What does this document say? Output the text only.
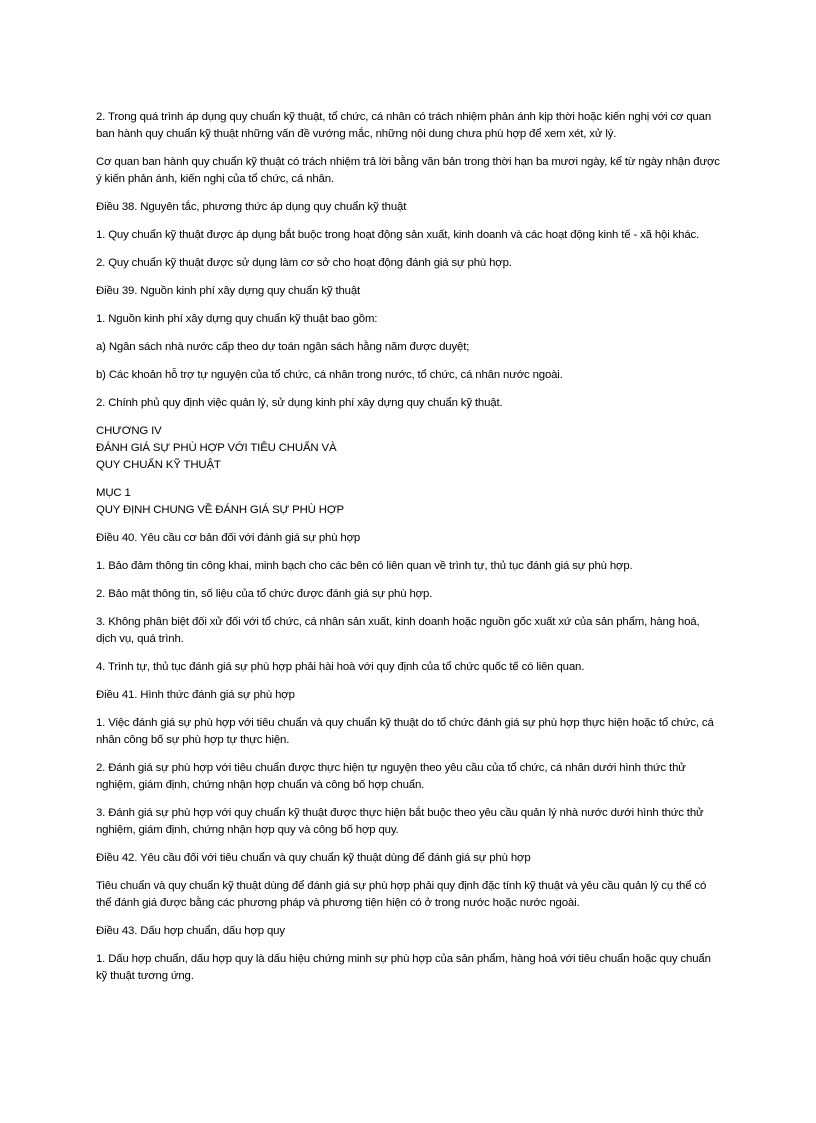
2. Trong quá trình áp dụng quy chuẩn kỹ thuật, tổ chức, cá nhân có trách nhiệm phản ánh kịp thời hoặc kiến nghị với cơ quan ban hành quy chuẩn kỹ thuật những vấn đề vướng mắc, những nội dung chưa phù hợp để xem xét, xử lý.

Cơ quan ban hành quy chuẩn kỹ thuật có trách nhiệm trả lời bằng văn bản trong thời hạn ba mươi ngày, kể từ ngày nhận được ý kiến phản ánh, kiến nghị của tổ chức, cá nhân.

Điều 38. Nguyên tắc, phương thức áp dụng quy chuẩn kỹ thuật

1. Quy chuẩn kỹ thuật được áp dụng bắt buộc trong hoạt động sản xuất, kinh doanh và các hoạt động kinh tế - xã hội khác.

2. Quy chuẩn kỹ thuật được sử dụng làm cơ sở cho hoạt động đánh giá sự phù hợp.

Điều 39. Nguồn kinh phí xây dựng quy chuẩn kỹ thuật

1. Nguồn kinh phí xây dựng quy chuẩn kỹ thuật bao gồm:

a) Ngân sách nhà nước cấp theo dự toán ngân sách hằng năm được duyệt;

b) Các khoản hỗ trợ tự nguyện của tổ chức, cá nhân trong nước, tổ chức, cá nhân nước ngoài.

2. Chính phủ quy định việc quản lý, sử dụng kinh phí xây dựng quy chuẩn kỹ thuật.

CHƯƠNG IV
ĐÁNH GIÁ SỰ PHÙ HỢP VỚI TIÊU CHUẨN VÀ
QUY CHUẨN KỸ THUẬT

MỤC 1
QUY ĐỊNH CHUNG VỀ ĐÁNH GIÁ SỰ PHÙ HỢP

Điều 40. Yêu cầu cơ bản đối với đánh giá sự phù hợp

1. Bảo đảm thông tin công khai, minh bạch cho các bên có liên quan về trình tự, thủ tục đánh giá sự phù hợp.

2. Bảo mật thông tin, số liệu của tổ chức được đánh giá sự phù hợp.

3. Không phân biệt đối xử đối với tổ chức, cá nhân sản xuất, kinh doanh hoặc nguồn gốc xuất xứ của sản phẩm, hàng hoá, dịch vụ, quá trình.

4. Trình tự, thủ tục đánh giá sự phù hợp phải hài hoà với quy định của tổ chức quốc tế có liên quan.

Điều 41. Hình thức đánh giá sự phù hợp

1. Việc đánh giá sự phù hợp với tiêu chuẩn và quy chuẩn kỹ thuật do tổ chức đánh giá sự phù hợp thực hiện hoặc tổ chức, cá nhân công bố sự phù hợp tự thực hiện.

2. Đánh giá sự phù hợp với tiêu chuẩn được thực hiện tự nguyện theo yêu cầu của tổ chức, cá nhân dưới hình thức thử nghiệm, giám định, chứng nhận hợp chuẩn và công bố hợp chuẩn.

3. Đánh giá sự phù hợp với quy chuẩn kỹ thuật được thực hiện bắt buộc theo yêu cầu quản lý nhà nước dưới hình thức thử nghiệm, giám định, chứng nhận hợp quy và công bố hợp quy.

Điều 42. Yêu cầu đối với tiêu chuẩn và quy chuẩn kỹ thuật dùng để đánh giá sự phù hợp

Tiêu chuẩn và quy chuẩn kỹ thuật dùng để đánh giá sự phù hợp phải quy định đặc tính kỹ thuật và yêu cầu quản lý cụ thể có thể đánh giá được bằng các phương pháp và phương tiện hiện có ở trong nước hoặc nước ngoài.

Điều 43. Dấu hợp chuẩn, dấu hợp quy

1. Dấu hợp chuẩn, dấu hợp quy là dấu hiệu chứng minh sự phù hợp của sản phẩm, hàng hoá với tiêu chuẩn hoặc quy chuẩn kỹ thuật tương ứng.
